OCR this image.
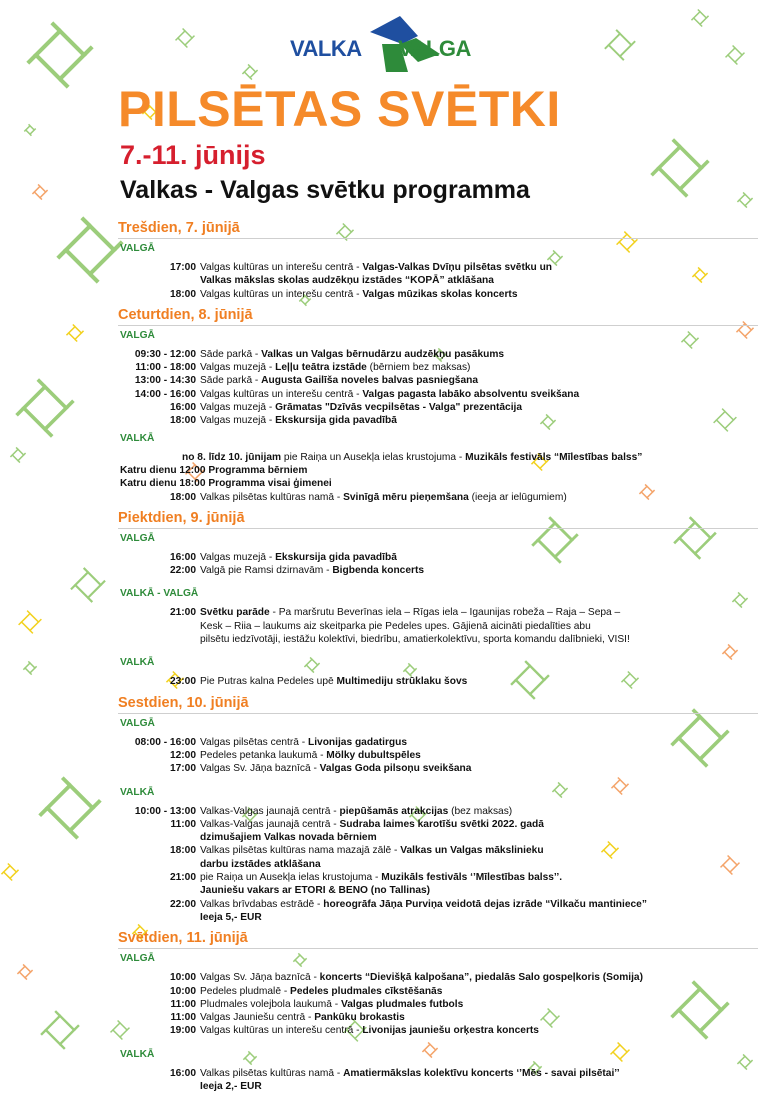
VALKA VALGA
PILSĒTAS SVĒTKI
7.-11. jūnijs
Valkas - Valgas svētku programma
Trešdien, 7. jūnijā
VALGĀ
17:00 Valgas kultūras un interešu centrā - Valgas-Valkas Dvīņu pilsētas svētku un
Valkas mākslas skolas audzēkņu izstādes “KOPĀ” atklāšana
18:00 Valgas kultūras un interešu centrā - Valgas mūzikas skolas koncerts
Ceturtdien, 8. jūnijā
VALGĀ
09:30 - 12:00 Sāde parkā - Valkas un Valgas bērnudārzu audzēkņu pasākums
11:00 - 18:00 Valgas muzejā - Leļļu teātra izstāde (bērniem bez maksas)
13:00 - 14:30 Sāde parkā - Augusta Gailīša noveles balvas pasniegšana
14:00 - 16:00 Valgas kultūras un interešu centrā - Valgas pagasta labāko absolventu sveikšana
16:00 Valgas muzejā - Grāmatas "Dzīvās vecpilsētas - Valga" prezentācija
18:00 Valgas muzejā - Ekskursija gida pavadībā
VALKĀ
no 8. līdz 10. jūnijam pie Raiņa un Ausekļa ielas krustojuma - Muzikāls festivāls “Mīlestības balss”
Katru dienu 12:00 Programma bērniem
Katru dienu 18:00 Programma visai ģimenei
18:00 Valkas pilsētas kultūras namā - Svinīgā mēru pieņemšana (ieeja ar ielūgumiem)
Piektdien, 9. jūnijā
VALGĀ
16:00 Valgas muzejā - Ekskursija gida pavadībā
22:00 Valgā pie Ramsi dzirnavām - Bigbenda koncerts
VALKĀ - VALGĀ
21:00 Svētku parāde - Pa maršrutu Beverīnas iela – Rīgas iela – Igaunijas robeža – Raja – Sepa –
Kesk – Riia – laukums aiz skeitparka pie Pedeles upes. Gājienā aicināti piedalīties abu
pilsētu iedzīvotāji, iestāžu kolektīvi, biedrību, amatierkolektīvu, sporta komandu dalībnieki, VISI!
VALKĀ
23:00 Pie Putras kalna Pedeles upē Multimediju strūklaku šovs
Sestdien, 10. jūnijā
VALGĀ
08:00 - 16:00 Valgas pilsētas centrā - Livonijas gadatirgus
12:00 Pedeles petanka laukumā - Mölky dubultspēles
17:00 Valgas Sv. Jāņa baznīcā - Valgas Goda pilsoņu sveikšana
VALKĀ
10:00 - 13:00 Valkas-Valgas jaunajā centrā - piepūšamās atrakcijas (bez maksas)
11:00 Valkas-Valgas jaunajā centrā - Sudraba laimes karotīšu svētki 2022. gadā
dzimušajiem Valkas novada bērniem
18:00 Valkas pilsētas kultūras nama mazajā zālē - Valkas un Valgas mākslinieku
darbu izstādes atklāšana
21:00 pie Raiņa un Ausekļa ielas krustojuma - Muzikāls festivāls ‘’Mīlestības balss’’.
Jauniešu vakars ar ETORI & BENO (no Tallinas)
22:00 Valkas brīvdabas estrādē - horeogrāfa Jāņa Purviņa veidotā dejas izrāde “Vilkaču mantiniece”
Ieeja 5,- EUR
Svētdien, 11. jūnijā
VALGĀ
10:00 Valgas Sv. Jāņa baznīcā - koncerts “Dievišķā kalpošana”, piedalās Salo gospeļkoris (Somija)
10:00 Pedeles pludmalē - Pedeles pludmales cīkstēšanās
11:00 Pludmales volejbola laukumā - Valgas pludmales futbols
11:00 Valgas Jauniešu centrā - Pankūku brokastis
19:00 Valgas kultūras un interešu centrā - Livonijas jauniešu orķestra koncerts
VALKĀ
16:00 Valkas pilsētas kultūras namā - Amatiermākslas kolektīvu koncerts ‘’Mēs - savai pilsētai’’
Ieeja 2,- EUR
